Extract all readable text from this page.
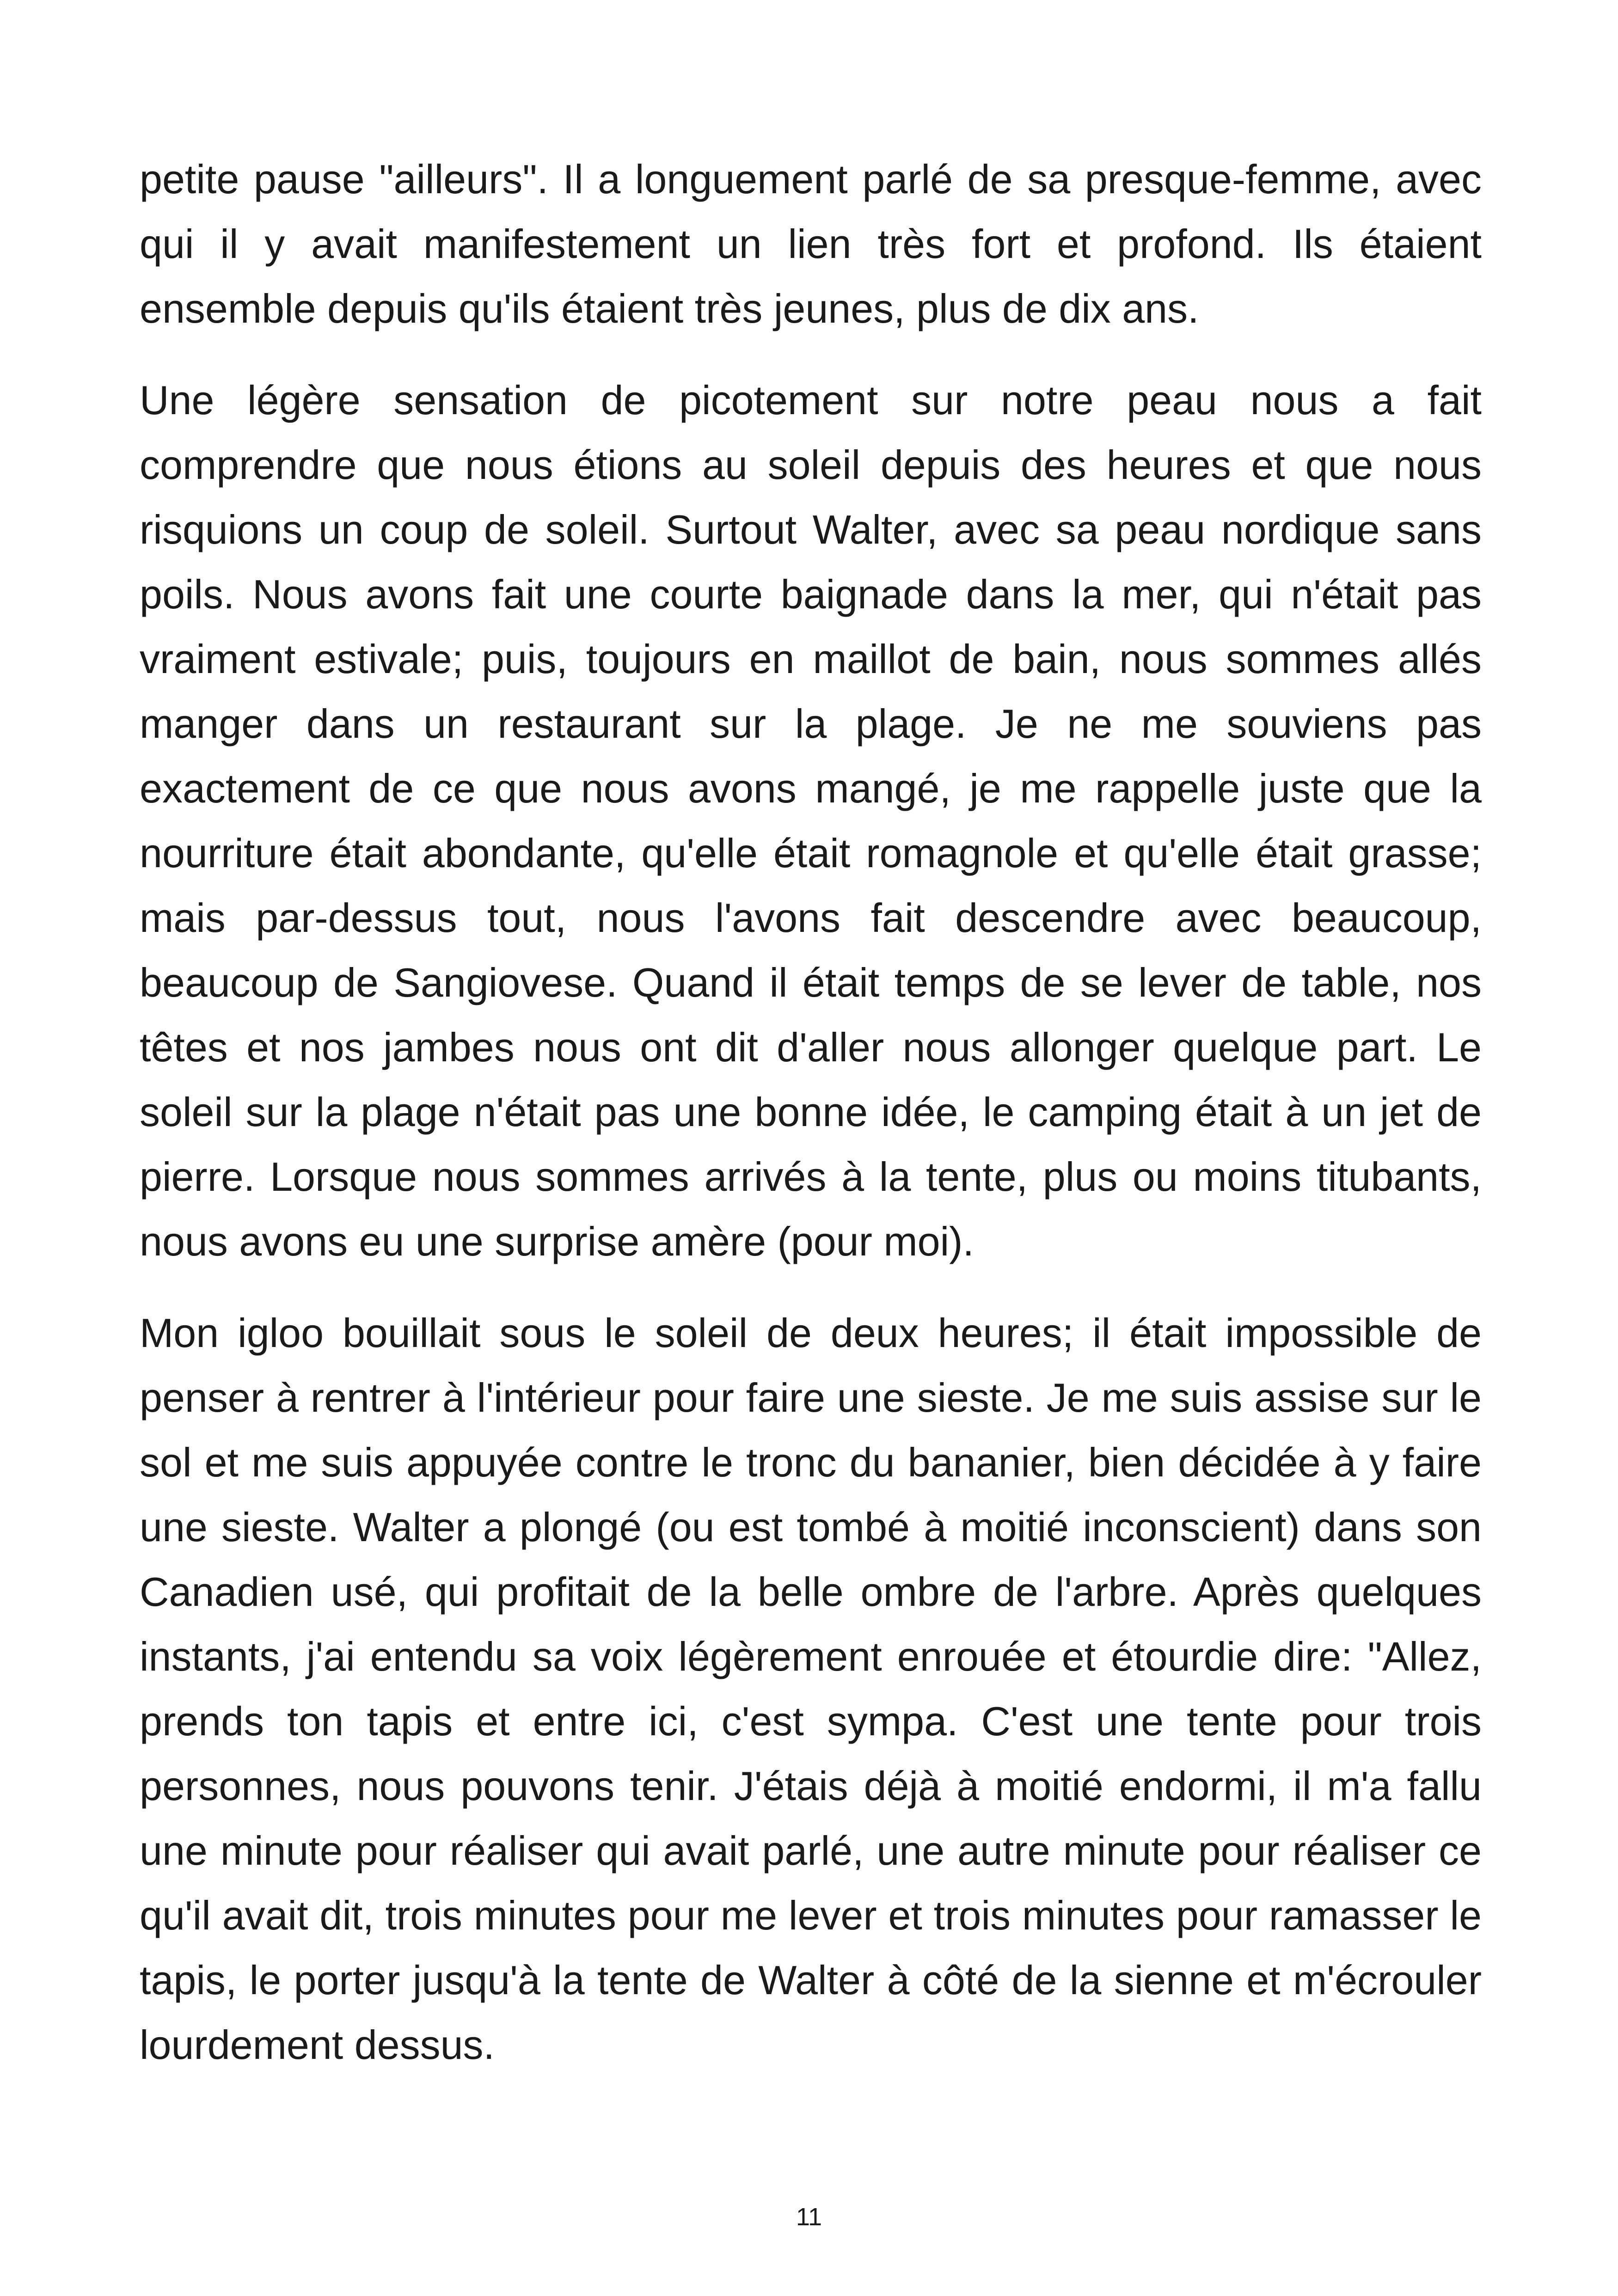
petite pause "ailleurs". Il a longuement parlé de sa presque-femme, avec qui il y avait manifestement un lien très fort et profond. Ils étaient ensemble depuis qu'ils étaient très jeunes, plus de dix ans.

Une légère sensation de picotement sur notre peau nous a fait comprendre que nous étions au soleil depuis des heures et que nous risquions un coup de soleil. Surtout Walter, avec sa peau nordique sans poils. Nous avons fait une courte baignade dans la mer, qui n'était pas vraiment estivale; puis, toujours en maillot de bain, nous sommes allés manger dans un restaurant sur la plage. Je ne me souviens pas exactement de ce que nous avons mangé, je me rappelle juste que la nourriture était abondante, qu'elle était romagnole et qu'elle était grasse; mais par-dessus tout, nous l'avons fait descendre avec beaucoup, beaucoup de Sangiovese. Quand il était temps de se lever de table, nos têtes et nos jambes nous ont dit d'aller nous allonger quelque part. Le soleil sur la plage n'était pas une bonne idée, le camping était à un jet de pierre. Lorsque nous sommes arrivés à la tente, plus ou moins titubants, nous avons eu une surprise amère (pour moi).

Mon igloo bouillait sous le soleil de deux heures; il était impossible de penser à rentrer à l'intérieur pour faire une sieste. Je me suis assise sur le sol et me suis appuyée contre le tronc du bananier, bien décidée à y faire une sieste. Walter a plongé (ou est tombé à moitié inconscient) dans son Canadien usé, qui profitait de la belle ombre de l'arbre. Après quelques instants, j'ai entendu sa voix légèrement enrouée et étourdie dire: "Allez, prends ton tapis et entre ici, c'est sympa. C'est une tente pour trois personnes, nous pouvons tenir. J'étais déjà à moitié endormi, il m'a fallu une minute pour réaliser qui avait parlé, une autre minute pour réaliser ce qu'il avait dit, trois minutes pour me lever et trois minutes pour ramasser le tapis, le porter jusqu'à la tente de Walter à côté de la sienne et m'écrouler lourdement dessus.

11
